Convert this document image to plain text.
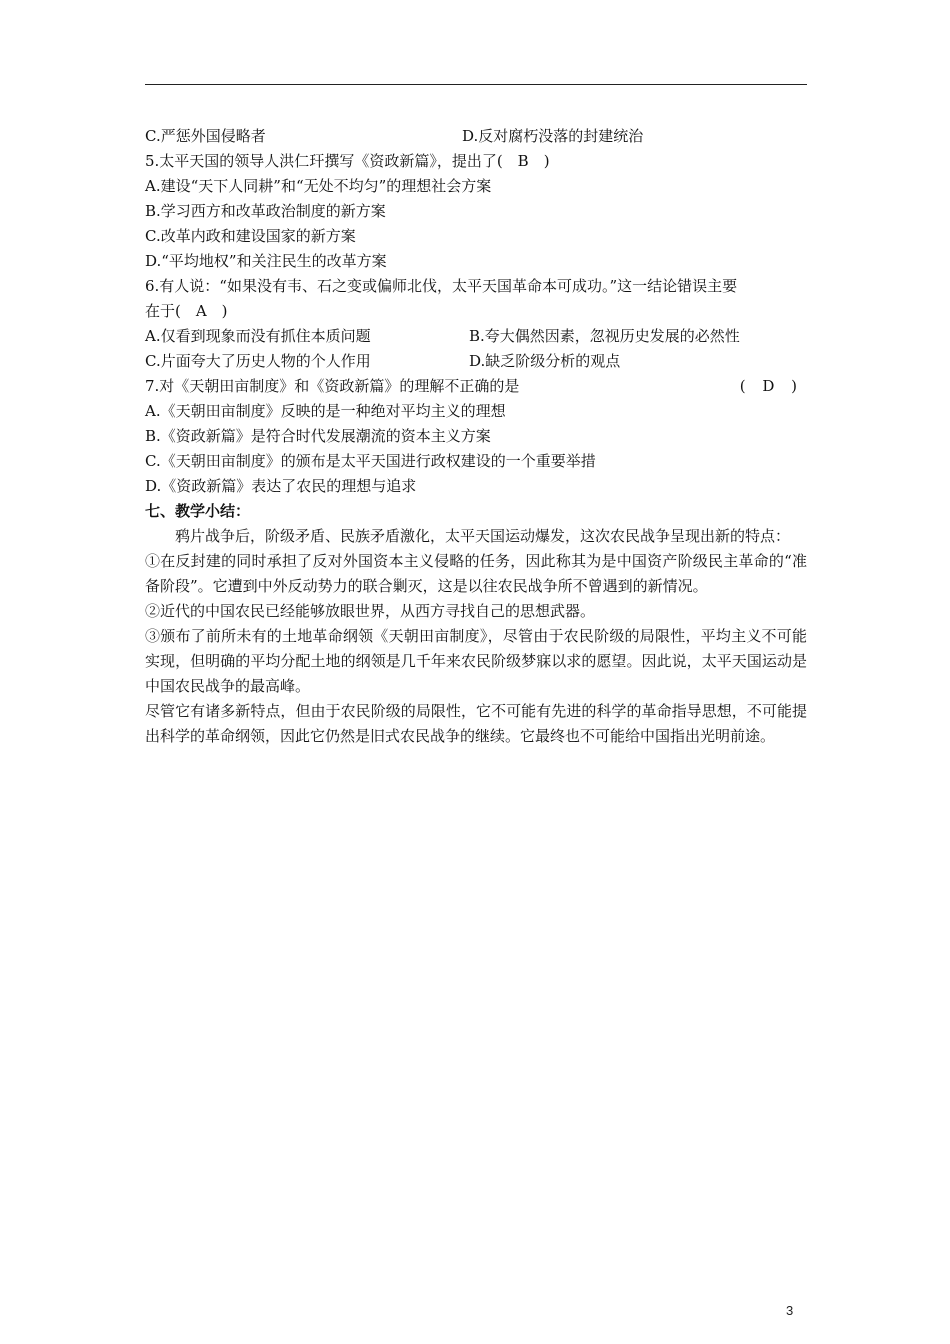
C.严惩外国侵略者	D.反对腐朽没落的封建统治
5.太平天国的领导人洪仁玕撰写《资政新篇》，提出了(　B　)
A.建设“天下人同耕”和“无处不均匀”的理想社会方案
B.学习西方和改革政治制度的新方案
C.改革内政和建设国家的新方案
D.“平均地权”和关注民生的改革方案
6.有人说：“如果没有韦、石之变或偏师北伐，太平天国革命本可成功。”这一结论错误主要
在于(　A　)
A.仅看到现象而没有抓住本质问题	B.夸大偶然因素，忽视历史发展的必然性
C.片面夸大了历史人物的个人作用	D.缺乏阶级分析的观点
7.对《天朝田亩制度》和《资政新篇》的理解不正确的是	( D )
A.《天朝田亩制度》反映的是一种绝对平均主义的理想
B.《资政新篇》是符合时代发展潮流的资本主义方案
C.《天朝田亩制度》的颁布是太平天国进行政权建设的一个重要举措
D.《资政新篇》表达了农民的理想与追求
七、教学小结：
鸦片战争后，阶级矛盾、民族矛盾激化，太平天国运动爆发，这次农民战争呈现出新的特点：
①在反封建的同时承担了反对外国资本主义侵略的任务，因此称其为是中国资产阶级民主革命的“准备阶段”。它遭到中外反动势力的联合剿灭，这是以往农民战争所不曾遇到的新情况。
②近代的中国农民已经能够放眼世界，从西方寻找自己的思想武器。
③颁布了前所未有的土地革命纲领《天朝田亩制度》，尽管由于农民阶级的局限性，平均主义不可能实现，但明确的平均分配土地的纲领是几千年来农民阶级梦寐以求的愿望。因此说，太平天国运动是中国农民战争的最高峰。
尽管它有诸多新特点，但由于农民阶级的局限性，它不可能有先进的科学的革命指导思想，不可能提出科学的革命纲领，因此它仍然是旧式农民战争的继续。它最终也不可能给中国指出光明前途。
3
